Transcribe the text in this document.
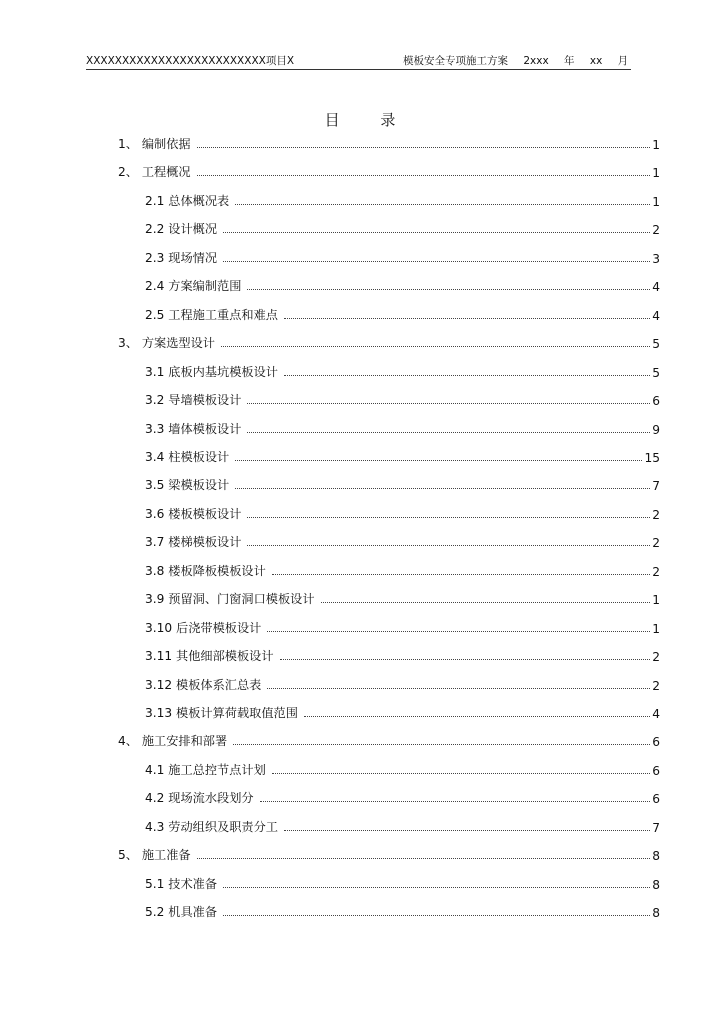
XXXXXXXXXXXXXXXXXXXXXXXXX项目X	模板安全专项施工方案 2xxx 年 xx 月
目 录
1、 编制依据	1
2、 工程概况	1
2.1 总体概况表	1
2.2 设计概况	2
2.3 现场情况	3
2.4 方案编制范围	4
2.5 工程施工重点和难点	4
3、 方案选型设计	5
3.1 底板内基坑模板设计	5
3.2 导墙模板设计	6
3.3 墙体模板设计	9
3.4 柱模板设计	15
3.5 梁模板设计	7
3.6 楼板模板设计	2
3.7 楼梯模板设计	2
3.8 楼板降板模板设计	2
3.9 预留洞、门窗洞口模板设计	1
3.10 后浇带模板设计	1
3.11 其他细部模板设计	2
3.12 模板体系汇总表	2
3.13 模板计算荷载取值范围	4
4、 施工安排和部署	6
4.1 施工总控节点计划	6
4.2 现场流水段划分	6
4.3 劳动组织及职责分工	7
5、 施工准备	8
5.1 技术准备	8
5.2 机具准备	8
